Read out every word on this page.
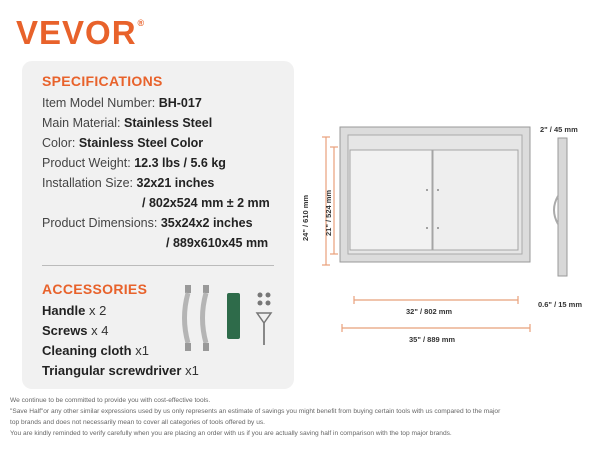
VEVOR®
SPECIFICATIONS
Item Model Number: BH-017
Main Material: Stainless Steel
Color: Stainless Steel Color
Product Weight: 12.3 lbs / 5.6 kg
Installation Size: 32x21 inches
/ 802x524 mm ± 2 mm
Product Dimensions: 35x24x2 inches
/ 889x610x45 mm
ACCESSORIES
Handle x 2
Screws x 4
Cleaning cloth x1
Triangular screwdriver x1
24" / 610 mm 21" / 524 mm
32" / 802 mm
35" / 889 mm
2" / 45 mm
0.6" / 15 mm
We continue to be committed to provide you with cost-effective tools.
"Save Half"or any other similar expressions used by us only represents an estimate of savings you might benefit from buying certain tools with us compared to the major
top brands and does not necessarily mean to cover all categories of tools offered by us.
You are kindly reminded to verify carefully when you are placing an order with us if you are actually saving half in comparison with the top major brands.
